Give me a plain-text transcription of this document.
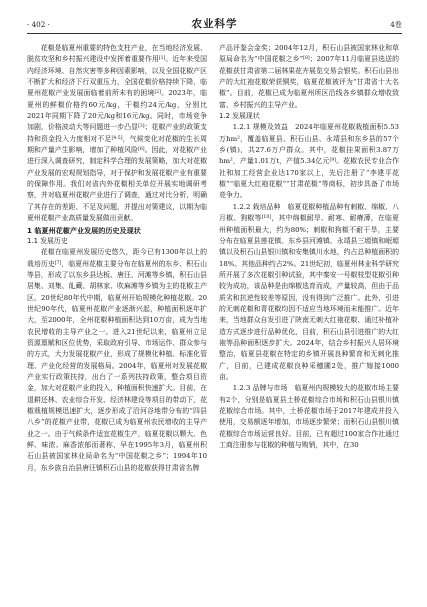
· 402 ·	农业科学	4卷

花椒是临夏州重要的特色支柱产业，在当地经济发展、脱贫攻坚和乡村振兴建设中发挥着重要作用[1]。近年来受国内经济环境、自然灾害等多种因素影响，以及全国花椒产区不断扩大和经济下行双重压力，全国花椒价格持续下降，临夏州花椒产业发展面临着前所未有的困境[2]。2023年，临夏州的鲜椒价格约60元/kg，干椒约24元/kg，分别比2021年同期下降了20元/kg和16元/kg。同时，市场竞争加剧，价格波动大等问题进一步凸显[3]；花椒产业的政策支持和资金投入力度相对不足[4-5]，气候变化对花椒的生长周期和产量产生影响，增加了种植风险[6]。因此，对花椒产业进行深入调查研究，制定科学合理的发展策略，加大对花椒产业发展的宏观规划指导，对于保护和发展花椒产业有重要的保障作用。我们对省内外花椒相关单位开展实地调研考察，并对临夏州花椒产业进行了调查，通过对比分析，明确了其存在的差距、不足及问题，并提出对策建议，以期为临夏州花椒产业高质量发展做出贡献。

1 临夏州花椒产业发展的历史及现状
1.1 发展历史

花椒在临夏州发展历史悠久，距今已有1300年以上的栽培历史[7]，临夏州花椒主要分布在临夏州的东乡、积石山等县，形成了以东乡县达板、唐汪、河滩等乡镇，积石山县居集、刘集、癿藏、胡林家、吹麻滩等乡镇为主的花椒主产区。20世纪80年代中期，临夏州开始规模化种植花椒。20世纪90年代，临夏州花椒产业逐渐兴起，种植面积逐年扩大，至2000年，全州花椒种植面积达到10万亩，成为当地农民增收的主导产业之一。进入21世纪以来，临夏州立足资源禀赋和区位优势，采取政府引导、市场运作、群众参与的方式，大力发展花椒产业，形成了规模化种植、标准化管理、产业化经营的发展格局。2004年，临夏州对发展花椒产业实行政策扶持，出台了一系列扶持政策，整合项目资金，加大对花椒产业的投入，种植面积快速扩大。目前，在退耕还林、农业综合开发、经济林建设等项目的带动下，花椒栽植规模迅速扩大，逐步形成了沿河谷地带分布的“四县八乡”的花椒产业带，花椒已成为临夏州农民增收的主导产业之一。由于气候条件适宜花椒生产，临夏花椒以颗大、色鲜、味浓、麻香浓郁而著称，早在1995年3月，临夏州积石山县被国家林业局命名为“中国花椒之乡”；1994年10月，东乡族自治县唐汪镇积石山县的花椒获得甘肃省名牌

产品评鉴会金奖；2004年12月，积石山县被国家林业和草原局命名为“中国花椒之乡”[8]；2007年11月临夏县选送的花椒获甘肃省第二届林果花卉展览交易会银奖。积石山县出产的大红袍花椒荣获铜奖，临夏花椒被评为“甘肃省十大名椒”。目前，花椒已成为临夏州所区沿线各乡镇群众增收致富、乡村振兴的主导产业。

1.2 发展现状

1.2.1 规模及效益　 2024年临夏州花椒栽植面积5.53万hm²，覆盖临夏县、积石山县、永靖县和东乡县的57个乡(镇)，共27.6万户群众。其中，花椒挂果面积3.87万hm²，产量1.01万t，产值5.34亿元[9]。花椒农民专业合作社和加工经营企业达170家以上，先后注册了“李建平花椒”“临夏大红袍花椒”“甘肃花椒”等商标，初步具备了市场竞争力。

1.2.2 栽培品种　 临夏花椒种植品种有刺椒、绵椒、八月椒、狗椒等[10]，其中绵椒耐旱、耐寒、耐瘠薄，在临夏州种植面积最大，约为80%；刺椒和狗椒不耐干旱，主要分布在临夏县莲花镇、东乡县河滩镇、永靖县三塬镇和岷塬镇以及积石山县银川镇和安集镇川水地，约占总种植面积的18%。其他品种约占2%。21世纪初，临夏州林业科学研究所开展了多次花椒引种试验，其中秦安一号椒枝型花椒引种较为成功，该品种是由绵椒选育而成，产量较高，但由于品质劣和抗逆性较差等原因，没有得到广泛推广。此外，引进的无刺花椒和青花椒均因不适应当地环境而未能推广。近年来，当地群众自发引进了陕南无刺大红袍花椒、通过补植补造方式逐步进行品种优化，目前，积石山县引进推广的大红袍等品种面积逐步扩大。2024年，结合乡村振兴人居环境整治，临夏县花椒在特定的乡镇开展良种繁育和无刺化推广，目前，已建成花椒良种采穗圃2处，推广嫁接1000亩。

1.2.3 品牌与市场　 临夏州内规模较大的花椒市场主要有2个，分别是临夏县土桥花椒综合市场和积石山县银川镇花椒综合市场。其中，土桥花椒市场于2017年建成并投入使用，交易额逐年增加，市场逐步繁荣；而积石山县银川镇花椒综合市场运营良好。目前，已有超过100家合作社通过工商注册参与花椒的种植与购销，其中，在30
